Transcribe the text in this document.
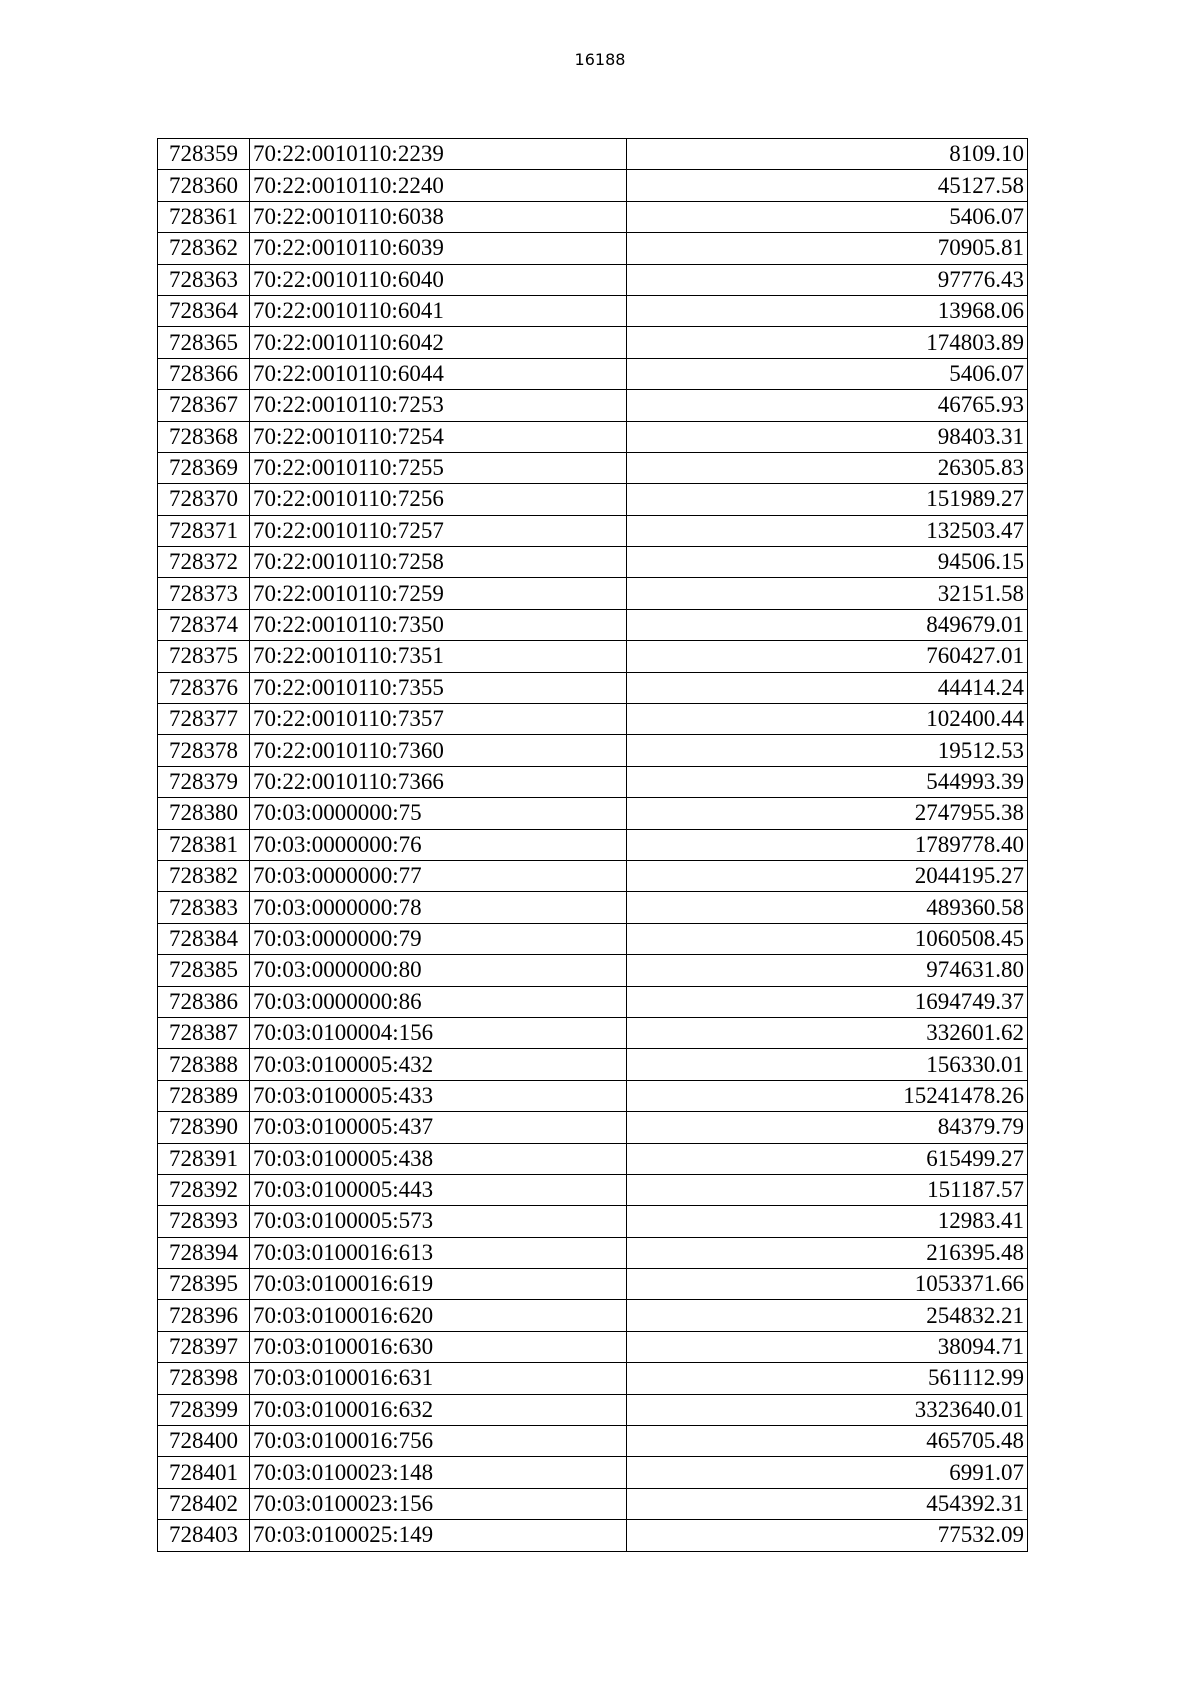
16188
728359	70:22:0010110:2239	8109.10
728360	70:22:0010110:2240	45127.58
728361	70:22:0010110:6038	5406.07
728362	70:22:0010110:6039	70905.81
728363	70:22:0010110:6040	97776.43
728364	70:22:0010110:6041	13968.06
728365	70:22:0010110:6042	174803.89
728366	70:22:0010110:6044	5406.07
728367	70:22:0010110:7253	46765.93
728368	70:22:0010110:7254	98403.31
728369	70:22:0010110:7255	26305.83
728370	70:22:0010110:7256	151989.27
728371	70:22:0010110:7257	132503.47
728372	70:22:0010110:7258	94506.15
728373	70:22:0010110:7259	32151.58
728374	70:22:0010110:7350	849679.01
728375	70:22:0010110:7351	760427.01
728376	70:22:0010110:7355	44414.24
728377	70:22:0010110:7357	102400.44
728378	70:22:0010110:7360	19512.53
728379	70:22:0010110:7366	544993.39
728380	70:03:0000000:75	2747955.38
728381	70:03:0000000:76	1789778.40
728382	70:03:0000000:77	2044195.27
728383	70:03:0000000:78	489360.58
728384	70:03:0000000:79	1060508.45
728385	70:03:0000000:80	974631.80
728386	70:03:0000000:86	1694749.37
728387	70:03:0100004:156	332601.62
728388	70:03:0100005:432	156330.01
728389	70:03:0100005:433	15241478.26
728390	70:03:0100005:437	84379.79
728391	70:03:0100005:438	615499.27
728392	70:03:0100005:443	151187.57
728393	70:03:0100005:573	12983.41
728394	70:03:0100016:613	216395.48
728395	70:03:0100016:619	1053371.66
728396	70:03:0100016:620	254832.21
728397	70:03:0100016:630	38094.71
728398	70:03:0100016:631	561112.99
728399	70:03:0100016:632	3323640.01
728400	70:03:0100016:756	465705.48
728401	70:03:0100023:148	6991.07
728402	70:03:0100023:156	454392.31
728403	70:03:0100025:149	77532.09
